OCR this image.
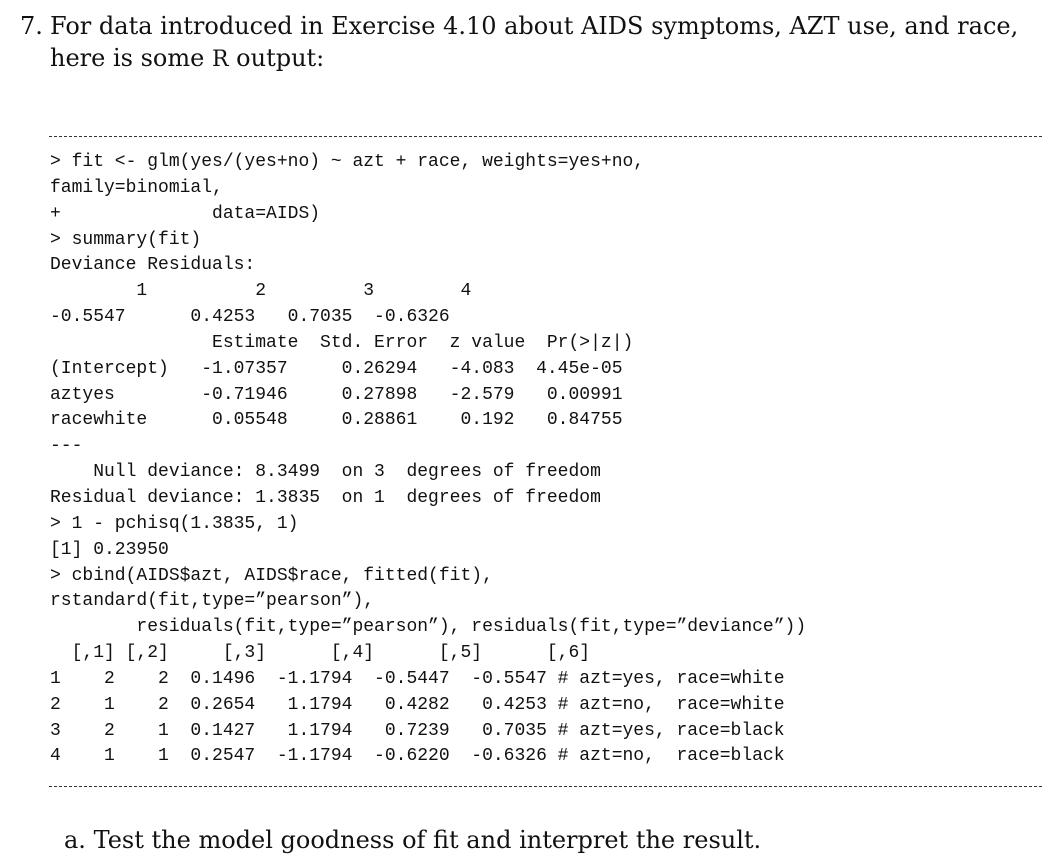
7. For data introduced in Exercise 4.10 about AIDS symptoms, AZT use, and race,
here is some R output:
> fit <- glm(yes/(yes+no) ~ azt + race, weights=yes+no,
family=binomial,
+              data=AIDS)
> summary(fit)
Deviance Residuals:
1          2         3        4
-0.5547      0.4253   0.7035  -0.6326
Estimate  Std. Error  z value  Pr(>|z|)
(Intercept)   -1.07357     0.26294   -4.083  4.45e-05
aztyes        -0.71946     0.27898   -2.579   0.00991
racewhite      0.05548     0.28861    0.192   0.84755
---
Null deviance: 8.3499  on 3  degrees of freedom
Residual deviance: 1.3835  on 1  degrees of freedom
> 1 - pchisq(1.3835, 1)
[1] 0.23950
> cbind(AIDS$azt, AIDS$race, fitted(fit),
rstandard(fit,type=”pearson”),
residuals(fit,type=”pearson”), residuals(fit,type=”deviance”))
[,1] [,2]     [,3]      [,4]      [,5]      [,6]
1    2    2  0.1496  -1.1794  -0.5447  -0.5547 # azt=yes, race=white
2    1    2  0.2654   1.1794   0.4282   0.4253 # azt=no,  race=white
3    2    1  0.1427   1.1794   0.7239   0.7035 # azt=yes, race=black
4    1    1  0.2547  -1.1794  -0.6220  -0.6326 # azt=no,  race=black
a. Test the model goodness of fit and interpret the result.
